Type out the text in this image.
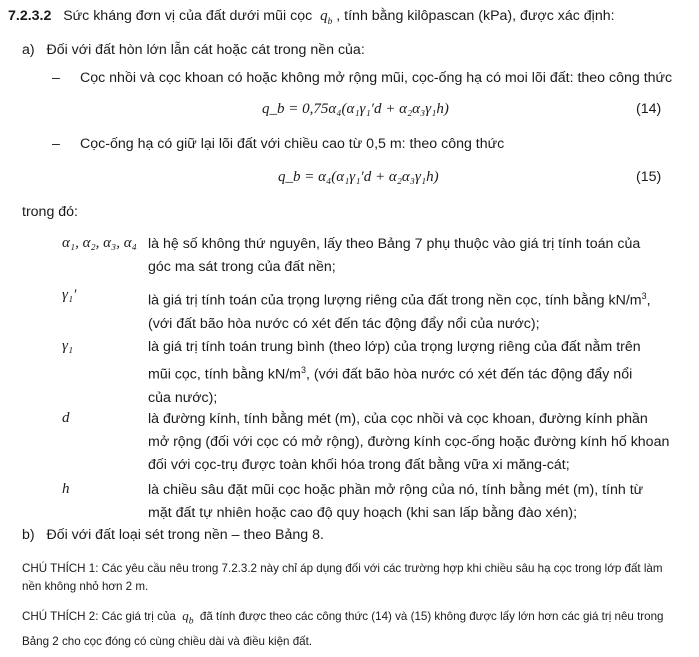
7.2.3.2 Sức kháng đơn vị của đất dưới mũi cọc $q_b$ , tính bằng kilôpascan (kPa), được xác định:
a) Đối với đất hòn lớn lẫn cát hoặc cát trong nền của:
– Cọc nhồi và cọc khoan có hoặc không mở rộng mũi, cọc-ống hạ có moi lõi đất: theo công thức
q_b = 0,75α₄(α₁γ₁′d + α₂α₃γ₁h)	(14)
– Cọc-ống hạ có giữ lại lõi đất với chiều cao từ 0,5 m: theo công thức
q_b = α₄(α₁γ₁′d + α₂α₃γ₁h)	(15)
trong đó:
α₁, α₂, α₃, α₄ là hệ số không thứ nguyên, lấy theo Bảng 7 phụ thuộc vào giá trị tính toán của
góc ma sát trong của đất nền;
γ₁′	là giá trị tính toán của trọng lượng riêng của đất trong nền cọc, tính bằng $kN/m^3$,
(với đất bão hòa nước có xét đến tác động đẩy nổi của nước);
γ₁	là giá trị tính toán trung bình (theo lớp) của trọng lượng riêng của đất nằm trên
mũi cọc, tính bằng $kN/m^3$, (với đất bão hòa nước có xét đến tác động đẩy nổi
của nước);
d	là đường kính, tính bằng mét (m), của cọc nhồi và cọc khoan, đường kính phần
mở rộng (đối với cọc có mở rộng), đường kính cọc-ống hoặc đường kính hố khoan
đối với cọc-trụ được toàn khối hóa trong đất bằng vữa xi măng-cát;
h	là chiều sâu đặt mũi cọc hoặc phần mở rộng của nó, tính bằng mét (m), tính từ
mặt đất tự nhiên hoặc cao độ quy hoạch (khi san lấp bằng đào xén);
b) Đối với đất loại sét trong nền – theo Bảng 8.
CHÚ THÍCH 1: Các yêu cầu nêu trong 7.2.3.2 này chỉ áp dụng đối với các trường hợp khi chiều sâu hạ cọc trong lớp đất làm
nền không nhỏ hơn 2 m.
CHÚ THÍCH 2: Các giá trị của $q_b$ đã tính được theo các công thức (14) và (15) không được lấy lớn hơn các giá trị nêu trong
Bảng 2 cho cọc đóng có cùng chiều dài và điều kiện đất.
